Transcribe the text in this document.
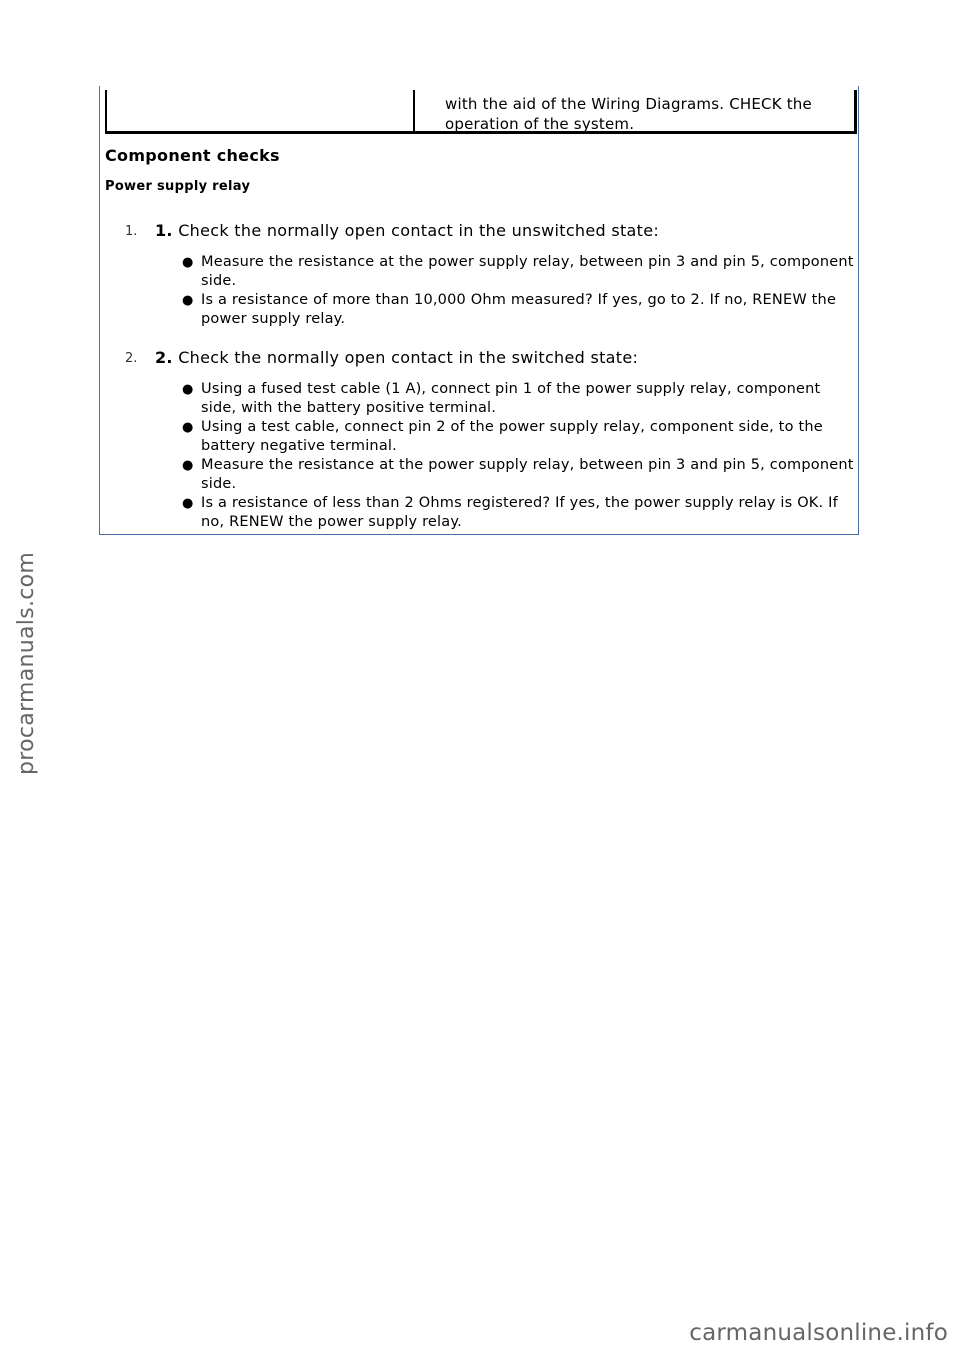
with the aid of the Wiring Diagrams. CHECK the operation of the system.
Component checks
Power supply relay
1. 1. Check the normally open contact in the unswitched state:
● Measure the resistance at the power supply relay, between pin 3 and pin 5, component side.
● Is a resistance of more than 10,000 Ohm measured? If yes, go to 2. If no, RENEW the power supply relay.
2. 2. Check the normally open contact in the switched state:
● Using a fused test cable (1 A), connect pin 1 of the power supply relay, component side, with the battery positive terminal.
● Using a test cable, connect pin 2 of the power supply relay, component side, to the battery negative terminal.
● Measure the resistance at the power supply relay, between pin 3 and pin 5, component side.
● Is a resistance of less than 2 Ohms registered? If yes, the power supply relay is OK. If no, RENEW the power supply relay.
procarmanuals.com
carmanualsonline.info
